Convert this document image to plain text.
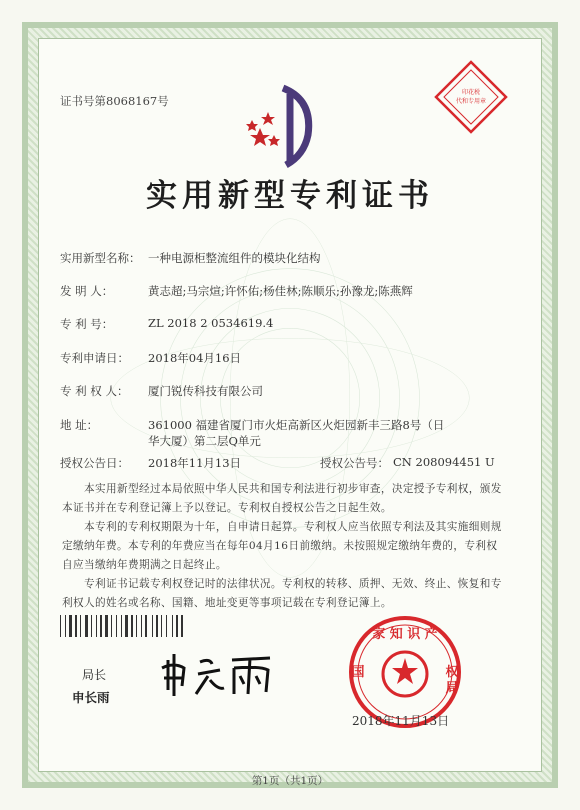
证书号第8068167号
印花税
代和专用章
实用新型专利证书
实用新型名称： 一种电源柜整流组件的模块化结构
发 明 人：	黄志超;马宗煊;许怀佑;杨佳林;陈顺乐;孙豫龙;陈燕辉
专 利 号：	ZL 2018 2 0534619.4
专利申请日： 2018年04月16日
专 利 权 人： 厦门锐传科技有限公司
地 址：	361000 福建省厦门市火炬高新区火炬园新丰三路8号（日
华大厦）第二层Q单元
授权公告日： 2018年11月13日	授权公告号： CN 208094451 U
本实用新型经过本局依照中华人民共和国专利法进行初步审查，决定授予专利权，颁发
本证书并在专利登记簿上予以登记。专利权自授权公告之日起生效。
本专利的专利权期限为十年，自申请日起算。专利权人应当依照专利法及其实施细则规
定缴纳年费。本专利的年费应当在每年04月16日前缴纳。未按照规定缴纳年费的，专利权
自应当缴纳年费期满之日起终止。
专利证书记载专利权登记时的法律状况。专利权的转移、质押、无效、终止、恢复和专
利权人的姓名或名称、国籍、地址变更等事项记载在专利登记簿上。
局长
申长雨
家 知 识 产
国	权
局
2018年11月13日
第1页（共1页）
